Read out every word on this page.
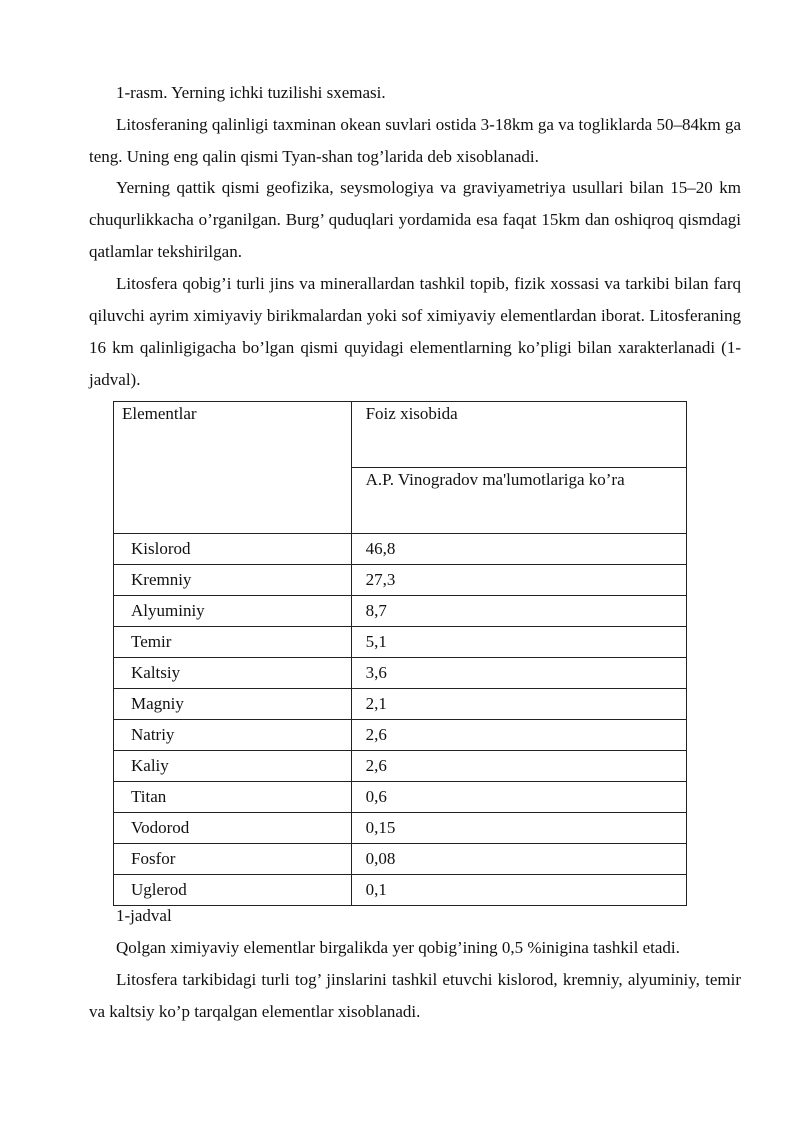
1-rasm. Yerning ichki tuzilishi sxemasi.

Litosferaning qalinligi taxminan okean suvlari ostida 3-18km ga va togliklarda 50–84km ga teng. Uning eng qalin qismi Tyan-shan tog’larida deb xisoblanadi.

Yerning qattik qismi geofizika, seysmologiya va graviyametriya usullari bilan 15–20 km chuqurlikkacha o’rganilgan. Burg’ quduqlari yordamida esa faqat 15km dan oshiqroq qismdagi qatlamlar tekshirilgan.

Litosfera qobig’i turli jins va minerallardan tashkil topib, fizik xossasi va tarkibi bilan farq qiluvchi ayrim ximiyaviy birikmalardan yoki sof ximiyaviy elementlardan iborat. Litosferaning 16 km qalinligigacha bo’lgan qismi quyidagi elementlarning ko’pligi bilan xarakterlanadi (1-jadval).

Elementlar	Foiz xisobida

	A.P. Vinogradov ma'lumotlariga ko’ra

Kislorod	46,8
Kremniy	27,3
Alyuminiy	8,7
Temir	5,1
Kaltsiy	3,6
Magniy	2,1
Natriy	2,6
Kaliy	2,6
Titan	0,6
Vodorod	0,15
Fosfor	0,08
Uglerod	0,1

1-jadval

Qolgan ximiyaviy elementlar birgalikda yer qobig’ining 0,5 %inigina tashkil etadi.

Litosfera tarkibidagi turli tog’ jinslarini tashkil etuvchi kislorod, kremniy, alyuminiy, temir va kaltsiy ko’p tarqalgan elementlar xisoblanadi.
